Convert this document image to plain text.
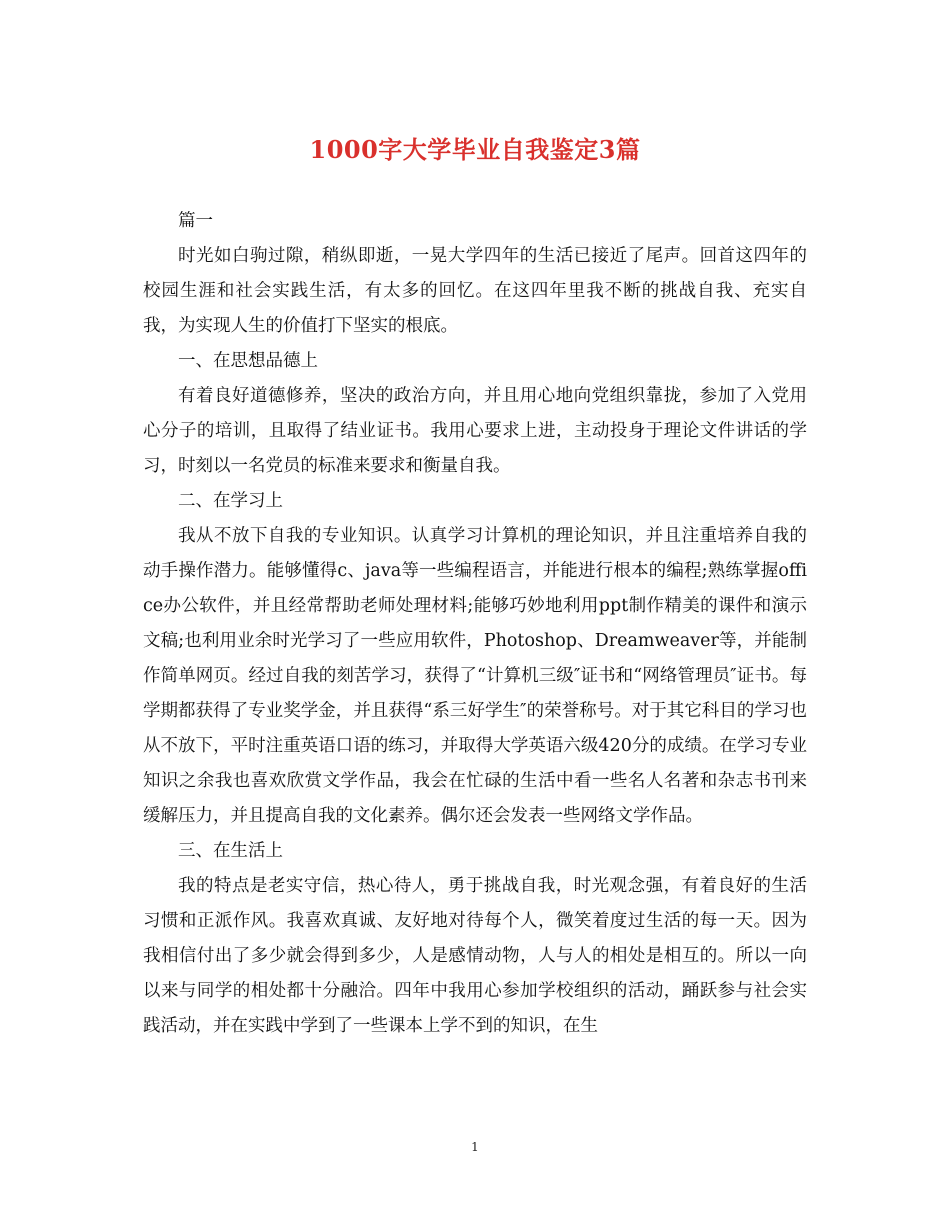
1000字大学毕业自我鉴定3篇

篇一

时光如白驹过隙，稍纵即逝，一晃大学四年的生活已接近了尾声。回首这四年的校园生涯和社会实践生活，有太多的回忆。在这四年里我不断的挑战自我、充实自我，为实现人生的价值打下坚实的根底。

一、在思想品德上

有着良好道德修养，坚决的政治方向，并且用心地向党组织靠拢，参加了入党用心分子的培训，且取得了结业证书。我用心要求上进，主动投身于理论文件讲话的学习，时刻以一名党员的标准来要求和衡量自我。

二、在学习上

我从不放下自我的专业知识。认真学习计算机的理论知识，并且注重培养自我的动手操作潜力。能够懂得c、java等一些编程语言，并能进行根本的编程;熟练掌握office办公软件，并且经常帮助老师处理材料;能够巧妙地利用ppt制作精美的课件和演示文稿;也利用业余时光学习了一些应用软件，Photoshop、Dreamweaver等，并能制作简单网页。经过自我的刻苦学习，获得了“计算机三级″证书和“网络管理员″证书。每学期都获得了专业奖学金，并且获得“系三好学生″的荣誉称号。对于其它科目的学习也从不放下，平时注重英语口语的练习，并取得大学英语六级420分的成绩。在学习专业知识之余我也喜欢欣赏文学作品，我会在忙碌的生活中看一些名人名著和杂志书刊来缓解压力，并且提高自我的文化素养。偶尔还会发表一些网络文学作品。

三、在生活上

我的特点是老实守信，热心待人，勇于挑战自我，时光观念强，有着良好的生活习惯和正派作风。我喜欢真诚、友好地对待每个人，微笑着度过生活的每一天。因为我相信付出了多少就会得到多少，人是感情动物，人与人的相处是相互的。所以一向以来与同学的相处都十分融洽。四年中我用心参加学校组织的活动，踊跃参与社会实践活动，并在实践中学到了一些课本上学不到的知识，在生

1
